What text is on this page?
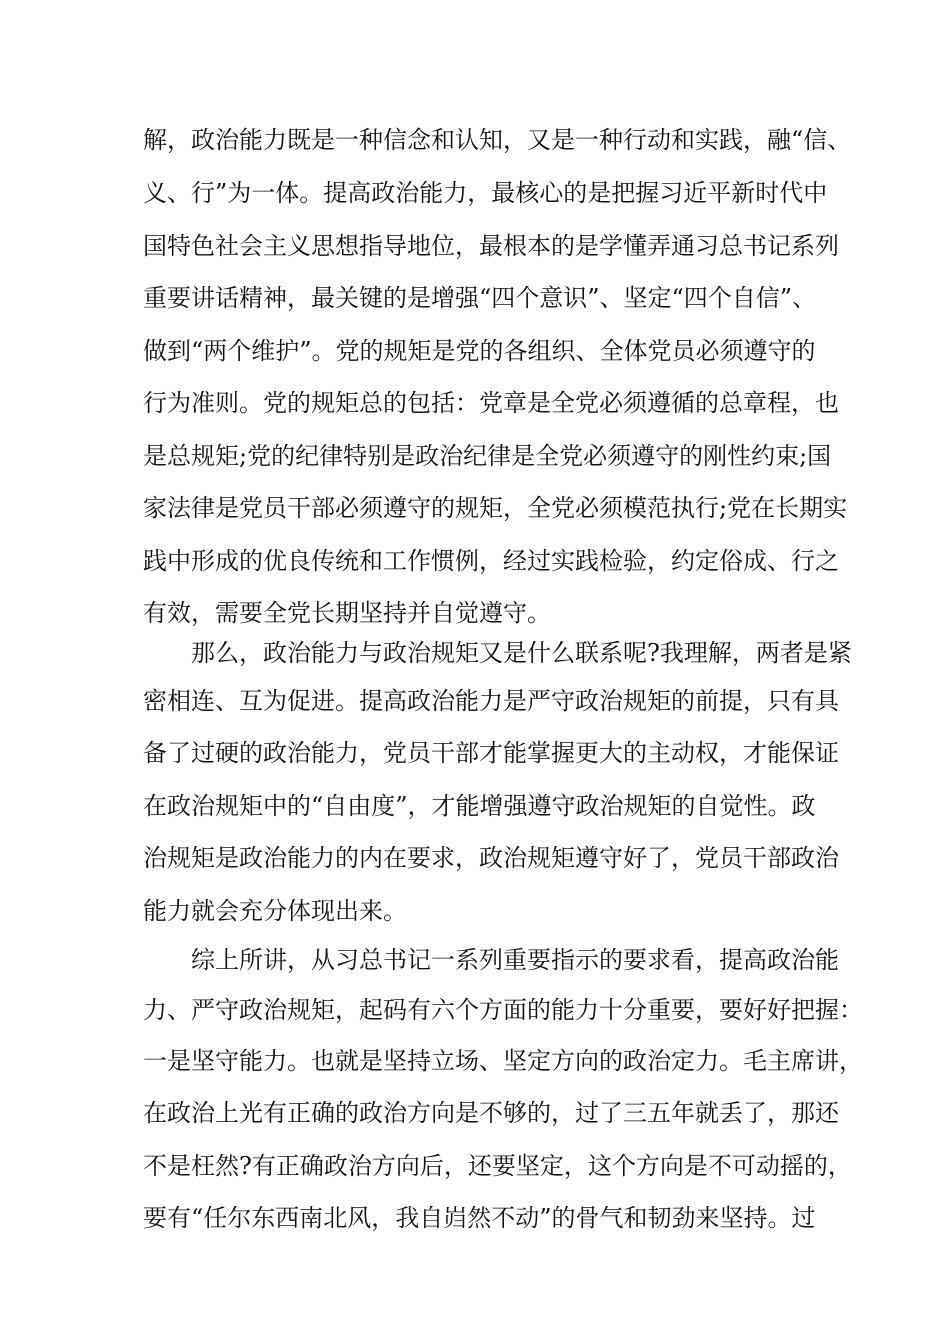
解，政治能力既是一种信念和认知，又是一种行动和实践，融“信、
义、行”为一体。提高政治能力，最核心的是把握习近平新时代中
国特色社会主义思想指导地位，最根本的是学懂弄通习总书记系列
重要讲话精神，最关键的是增强“四个意识”、坚定“四个自信”、
做到“两个维护”。党的规矩是党的各组织、全体党员必须遵守的
行为准则。党的规矩总的包括：党章是全党必须遵循的总章程，也
是总规矩;党的纪律特别是政治纪律是全党必须遵守的刚性约束;国
家法律是党员干部必须遵守的规矩，全党必须模范执行;党在长期实
践中形成的优良传统和工作惯例，经过实践检验，约定俗成、行之
有效，需要全党长期坚持并自觉遵守。
那么，政治能力与政治规矩又是什么联系呢?我理解，两者是紧
密相连、互为促进。提高政治能力是严守政治规矩的前提，只有具
备了过硬的政治能力，党员干部才能掌握更大的主动权，才能保证
在政治规矩中的“自由度”，才能增强遵守政治规矩的自觉性。政
治规矩是政治能力的内在要求，政治规矩遵守好了，党员干部政治
能力就会充分体现出来。
综上所讲，从习总书记一系列重要指示的要求看，提高政治能
力、严守政治规矩，起码有六个方面的能力十分重要，要好好把握：
一是坚守能力。也就是坚持立场、坚定方向的政治定力。毛主席讲，
在政治上光有正确的政治方向是不够的，过了三五年就丢了，那还
不是枉然?有正确政治方向后，还要坚定，这个方向是不可动摇的，
要有“任尔东西南北风，我自岿然不动”的骨气和韧劲来坚持。过
